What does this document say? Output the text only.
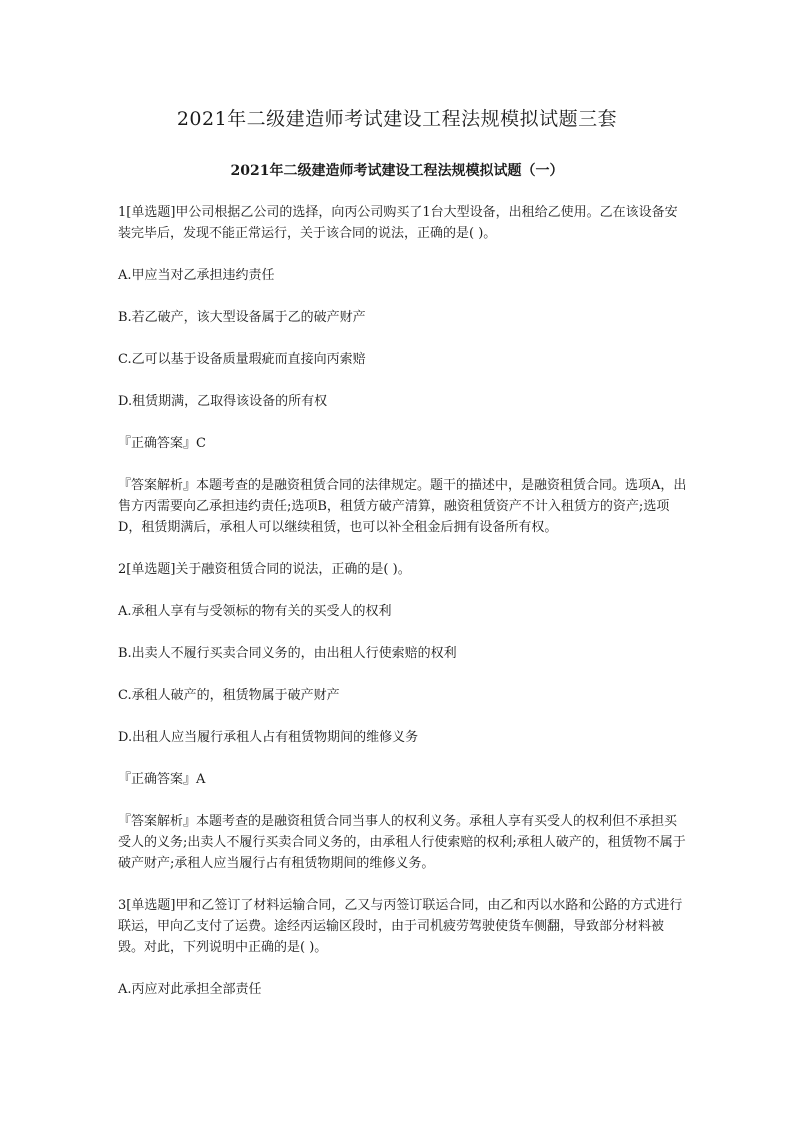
2021年二级建造师考试建设工程法规模拟试题三套
2021年二级建造师考试建设工程法规模拟试题（一）

1[单选题]甲公司根据乙公司的选择，向丙公司购买了1台大型设备，出租给乙使用。乙在该设备安装完毕后，发现不能正常运行，关于该合同的说法，正确的是( )。

A.甲应当对乙承担违约责任

B.若乙破产，该大型设备属于乙的破产财产

C.乙可以基于设备质量瑕疵而直接向丙索赔

D.租赁期满，乙取得该设备的所有权

『正确答案』C

『答案解析』本题考查的是融资租赁合同的法律规定。题干的描述中，是融资租赁合同。选项A，出售方丙需要向乙承担违约责任;选项B，租赁方破产清算，融资租赁资产不计入租赁方的资产;选项D，租赁期满后，承租人可以继续租赁，也可以补全租金后拥有设备所有权。

2[单选题]关于融资租赁合同的说法，正确的是( )。

A.承租人享有与受领标的物有关的买受人的权利

B.出卖人不履行买卖合同义务的，由出租人行使索赔的权利

C.承租人破产的，租赁物属于破产财产

D.出租人应当履行承租人占有租赁物期间的维修义务

『正确答案』A

『答案解析』本题考查的是融资租赁合同当事人的权利义务。承租人享有买受人的权利但不承担买受人的义务;出卖人不履行买卖合同义务的，由承租人行使索赔的权利;承租人破产的，租赁物不属于破产财产;承租人应当履行占有租赁物期间的维修义务。

3[单选题]甲和乙签订了材料运输合同，乙又与丙签订联运合同，由乙和丙以水路和公路的方式进行联运，甲向乙支付了运费。途经丙运输区段时，由于司机疲劳驾驶使货车侧翻，导致部分材料被毁。对此，下列说明中正确的是( )。

A.丙应对此承担全部责任
